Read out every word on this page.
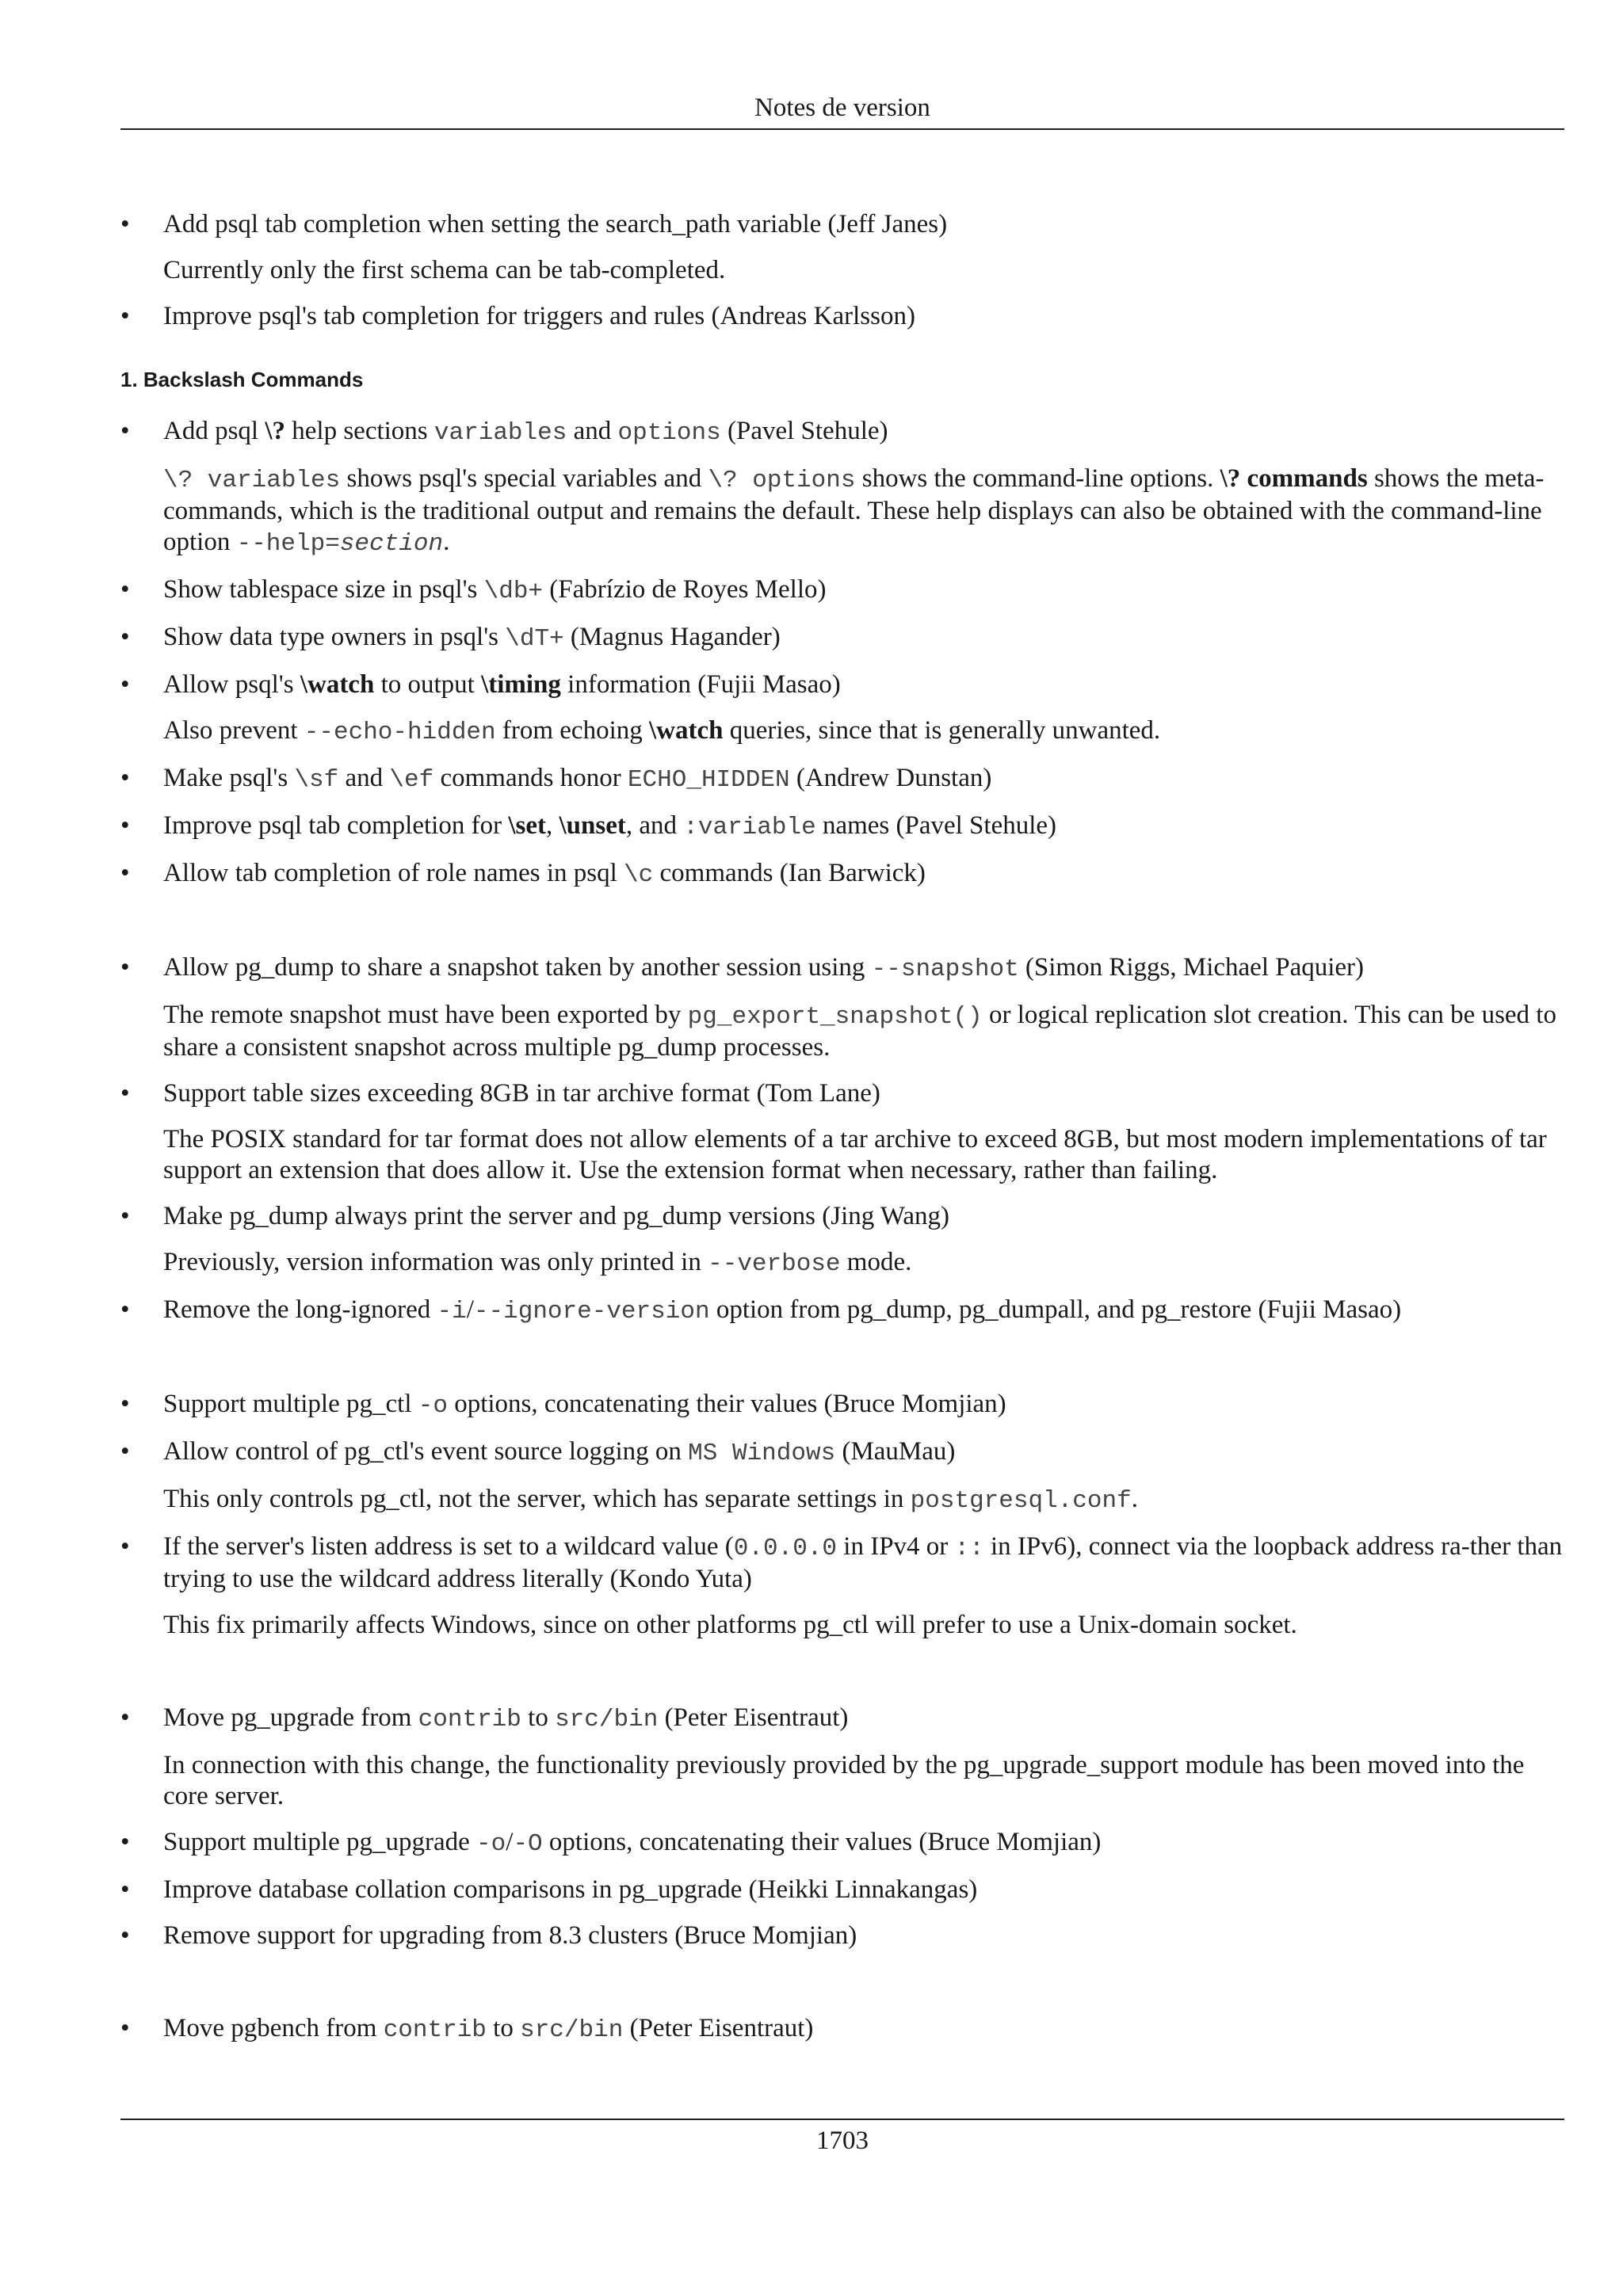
Notes de version
• Add psql tab completion when setting the search_path variable (Jeff Janes)
Currently only the first schema can be tab-completed.
• Improve psql's tab completion for triggers and rules (Andreas Karlsson)
1. Backslash Commands
• Add psql \? help sections variables and options (Pavel Stehule)
\? variables shows psql's special variables and \? options shows the command-line options. \? commands shows the meta-commands, which is the traditional output and remains the default. These help displays can also be obtained with the command-line option --help=section.
• Show tablespace size in psql's \db+ (Fabrízio de Royes Mello)
• Show data type owners in psql's \dT+ (Magnus Hagander)
• Allow psql's \watch to output \timing information (Fujii Masao)
Also prevent --echo-hidden from echoing \watch queries, since that is generally unwanted.
• Make psql's \sf and \ef commands honor ECHO_HIDDEN (Andrew Dunstan)
• Improve psql tab completion for \set, \unset, and :variable names (Pavel Stehule)
• Allow tab completion of role names in psql \c commands (Ian Barwick)
• Allow pg_dump to share a snapshot taken by another session using --snapshot (Simon Riggs, Michael Paquier)
The remote snapshot must have been exported by pg_export_snapshot() or logical replication slot creation. This can be used to share a consistent snapshot across multiple pg_dump processes.
• Support table sizes exceeding 8GB in tar archive format (Tom Lane)
The POSIX standard for tar format does not allow elements of a tar archive to exceed 8GB, but most modern implementations of tar support an extension that does allow it. Use the extension format when necessary, rather than failing.
• Make pg_dump always print the server and pg_dump versions (Jing Wang)
Previously, version information was only printed in --verbose mode.
• Remove the long-ignored -i/--ignore-version option from pg_dump, pg_dumpall, and pg_restore (Fujii Masao)
• Support multiple pg_ctl -o options, concatenating their values (Bruce Momjian)
• Allow control of pg_ctl's event source logging on MS Windows (MauMau)
This only controls pg_ctl, not the server, which has separate settings in postgresql.conf.
• If the server's listen address is set to a wildcard value (0.0.0.0 in IPv4 or :: in IPv6), connect via the loopback address ra-ther than trying to use the wildcard address literally (Kondo Yuta)
This fix primarily affects Windows, since on other platforms pg_ctl will prefer to use a Unix-domain socket.
• Move pg_upgrade from contrib to src/bin (Peter Eisentraut)
In connection with this change, the functionality previously provided by the pg_upgrade_support module has been moved into the core server.
• Support multiple pg_upgrade -o/-O options, concatenating their values (Bruce Momjian)
• Improve database collation comparisons in pg_upgrade (Heikki Linnakangas)
• Remove support for upgrading from 8.3 clusters (Bruce Momjian)
• Move pgbench from contrib to src/bin (Peter Eisentraut)
1703
